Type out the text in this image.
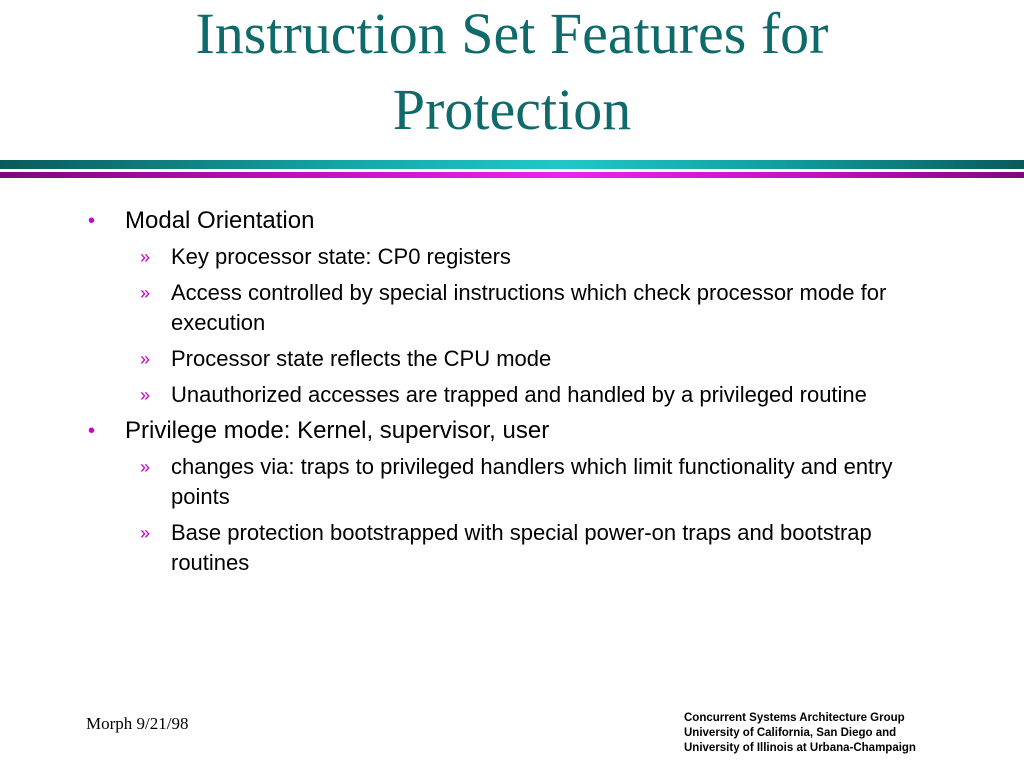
Instruction Set Features for
Protection
• Modal Orientation
» Key processor state: CP0 registers
» Access controlled by special instructions which check processor mode for execution
» Processor state reflects the CPU mode
» Unauthorized accesses are trapped and handled by a privileged routine
• Privilege mode: Kernel, supervisor, user
» changes via: traps to privileged handlers which limit functionality and entry points
» Base protection bootstrapped with special power-on traps and bootstrap routines
Morph 9/21/98	Concurrent Systems Architecture Group
University of California, San Diego and
University of Illinois at Urbana-Champaign
